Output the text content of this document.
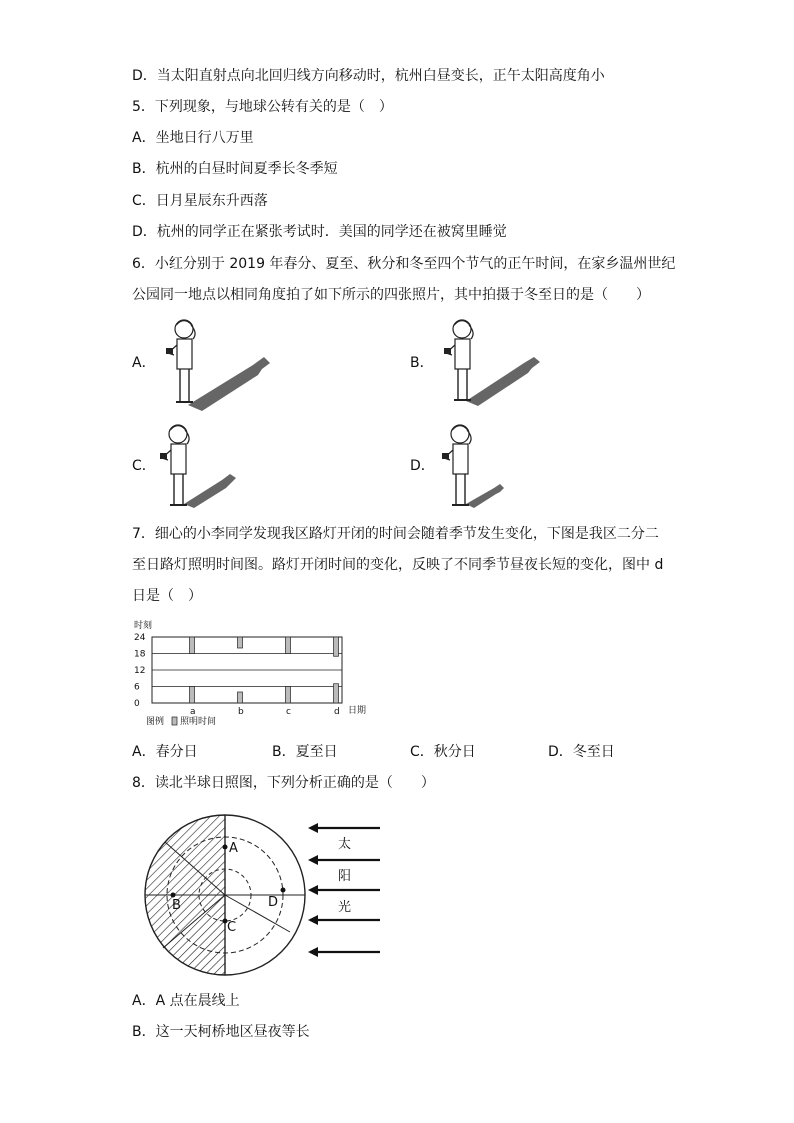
D．当太阳直射点向北回归线方向移动时，杭州白昼变长，正午太阳高度角小
5．下列现象，与地球公转有关的是（　）
A．坐地日行八万里
B．杭州的白昼时间夏季长冬季短
C．日月星辰东升西落
D．杭州的同学正在紧张考试时．美国的同学还在被窝里睡觉
6．小红分别于 2019 年春分、夏至、秋分和冬至四个节气的正午时间，在家乡温州世纪
公园同一地点以相同角度拍了如下所示的四张照片，其中拍摄于冬至日的是（　　）
A．	B．
C．	D．
7．细心的小李同学发现我区路灯开闭的时间会随着季节发生变化，下图是我区二分二
至日路灯照明时间图。路灯开闭时间的变化，反映了不同季节昼夜长短的变化，图中 d
日是（　）
时刻
24
18
12
6
0
a	b	c	d 日期
图例 照明时间
A．春分日	B．夏至日	C．秋分日	D．冬至日
8．读北半球日照图，下列分析正确的是（　　）
A
B
C
D
太
阳
光
A．A 点在晨线上
B．这一天柯桥地区昼夜等长
